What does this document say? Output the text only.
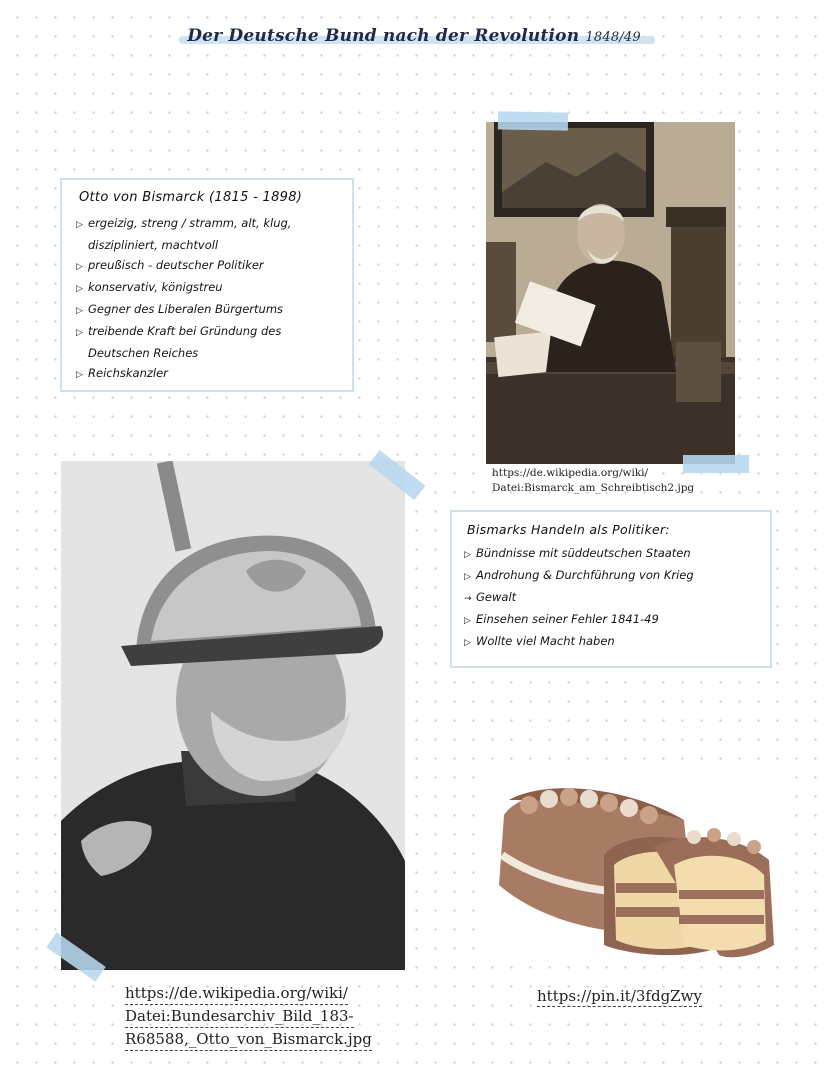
Der Deutsche Bund nach der Revolution 1848/49
Otto von Bismarck (1815 - 1898)
▷ ergeizig, streng / stramm, alt, klug,
diszipliniert, machtvoll
▷ preußisch - deutscher Politiker
▷ konservativ, königstreu
▷ Gegner des Liberalen Bürgertums
▷ treibende Kraft bei Gründung des
Deutschen Reiches
▷ Reichskanzler
https://de.wikipedia.org/wiki/
Datei:Bismarck_am_Schreibtisch2.jpg
Bismarks Handeln als Politiker:
▷ Bündnisse mit süddeutschen Staaten
▷ Androhung & Durchführung von Krieg
→ Gewalt
▷ Einsehen seiner Fehler 1841-49
▷ Wollte viel Macht haben
https://de.wikipedia.org/wiki/
Datei:Bundesarchiv_Bild_183-
R68588,_Otto_von_Bismarck.jpg
https://pin.it/3fdgZwy
